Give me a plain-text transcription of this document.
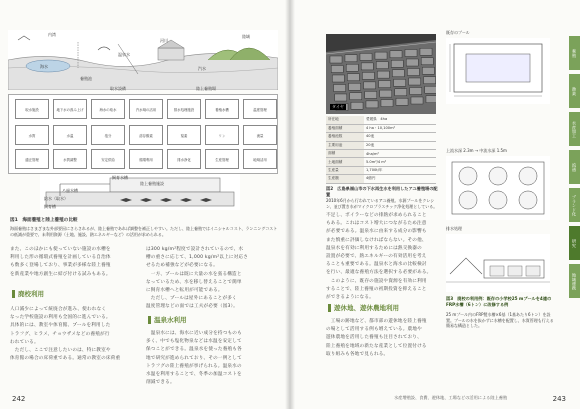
内湾
海水
養殖池
温泉水
河川
陸域
汽水
取水設備	陸上養殖場
取水施設	地下水の汲み上げ	海水の取水	汽水域の活用	排水処理施設	養殖水槽	温度管理
水質	水温	塩分	溶存酸素	窒素	リン	流量
適正管理	水質調整	安定供給	循環利用	排水浄化	生産管理	地域活用
陸上養殖施設
飼育水槽
ろ過水槽
給水（取水）
飼育槽
図1　海面養殖と陸上養殖の比較
海面養殖はさまざまな外部要因にさらされるが、陸上養殖であれば調整を補正しやすい。ただし、陸上養殖ではイニシャルコスト、ランニングコストの低減が重要で、未利用資源（土地、施設、熱エネルギーなど）の活用が求められる。
また、このほかにも使っていない施設の水槽を
利用した形の循環式養殖を計画している自治体
も数多く登場しており、事業が多様な陸上養殖
を新産業や地方創生に結び付ける試みもある。
廃校利用
人口減少によって統廃合が進み、使われなく
なった学校施設の利用も全国的に進んでいる。
具体的には、教室や体育館、プールを利用した
トラフグ、ヒラメ、チョウザメなどの養殖が行
われている。
　ただし、ここで注意したいのは、特に教室や
体育館の場合の床荷重である。通常の教室の床荷重
は300 kg/m²程度で設計されているので、水
槽の重さに応じて、1,000 kg/m²以上に対応さ
せるため補強などが必要になる。
　一方、プールは既に大量の水を張る構造と
なっているため、水を移し替えることで簡単
に飼育水槽へと転用が可能である。
　ただし、プールは屋外にあることが多く
温度管理などの面では工夫が必要（図3）。
温泉水利用
　温泉水には、海水に近い成分を持つものも
多く、中でも塩化物泉などは水温を安定して
保つことができる。温泉水を使った養殖も各
地で研究が進められており、その一例として
トラフグの陸上養殖が挙げられる。温泉水の
水温を利用することで、冬季の加温コストを
削減できる。
242
タイヤ
所在地	愛媛県　4ha
養殖面積	4 ha・10,100m²
養殖池数	40池
主要用途	20池
面積	4ha/m²
土地面積	5.0m²/4 m²
生産量	1,700t/年
生産額	4億円
図2　広島県福山市の下水再生水を利用したアユ養殖場の配置
2010年6月から行われているアユ養殖。水源プールをクレシン、並び置き水がマイクロプラスチック浄化処理としている。
不足し、ボイラーなどの排熱が求められること
もある。これはコスト増大につながるため注意
が必要である。温泉水に由来する成分の影響も
また慎重に評価しなければならない。その他、
温泉水を有効に利用するためには熱交換器の
設置が必要で、熱エネルギーの有効活用を考え
ることも重要である。温泉水と海水の比較検討
を行い、最適な養殖方法を選択する必要がある。
　このように、既存の施設や資源を有効に利用
することで、陸上養殖の初期投資を抑えること
ができるようになる。
遊休地、遊休農地利用
　工場の跡地など、都市部の遊休地を陸上養殖
の場として活用する例も増えている。農地や
遊休農地を活用した養殖も注目されており、
陸上養殖を地域の新たな産業として位置付ける
取り組みも各地で見られる。
既存のプール
上流水深 2.3m → 中流水深 1.5m
排水処理
図3　廃校の利用例：既存の小学校25 mプールを4連のFRP水槽（6トン）に改修する例
25 mプール内のFRP製水槽×6基（1基あたり6トン）を設置。プールの水を抜かずに水槽を配置し、水質管理も行える簡易な構造とした。
養殖
漁業
水産加工
流通
ブランド化
研究
地域連携
水産増殖設、食費、遊休地、工場などの活用による陸上養殖	243
